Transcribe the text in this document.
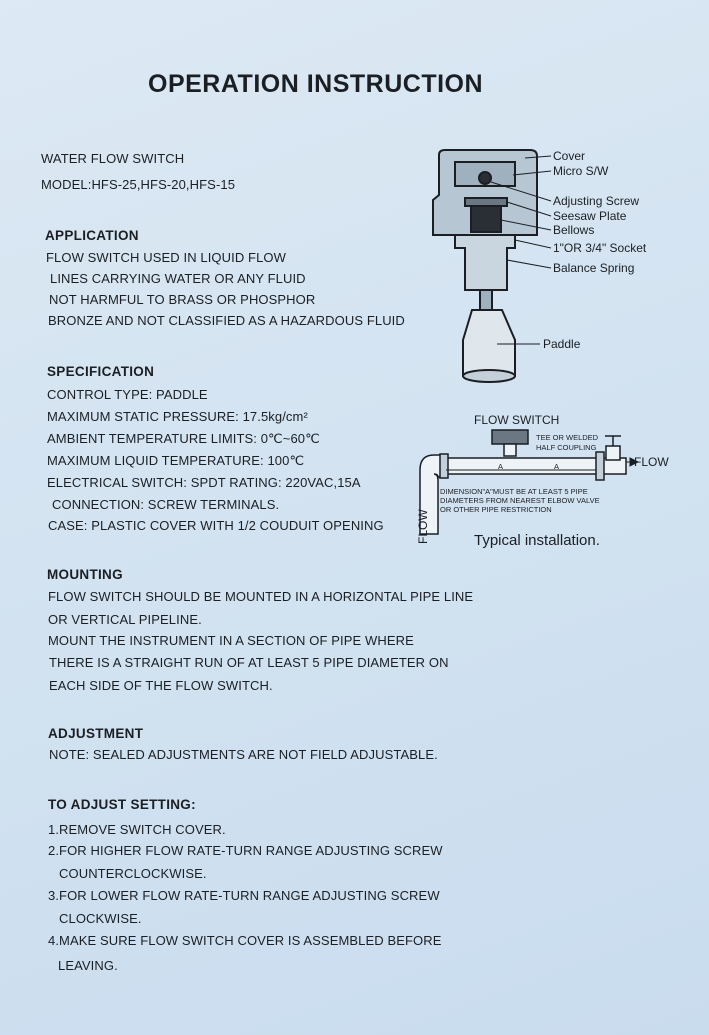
OPERATION INSTRUCTION
WATER FLOW SWITCH
MODEL:HFS-25,HFS-20,HFS-15
APPLICATION
FLOW SWITCH USED IN LIQUID FLOW
LINES CARRYING WATER OR ANY FLUID
NOT HARMFUL TO BRASS OR PHOSPHOR
BRONZE AND NOT CLASSIFIED AS A HAZARDOUS FLUID
SPECIFICATION
CONTROL TYPE: PADDLE
MAXIMUM STATIC PRESSURE: 17.5kg/cm²
AMBIENT TEMPERATURE LIMITS: 0℃~60℃
MAXIMUM LIQUID TEMPERATURE: 100℃
ELECTRICAL SWITCH: SPDT RATING: 220VAC,15A
CONNECTION: SCREW TERMINALS.
CASE: PLASTIC COVER WITH 1/2 COUDUIT OPENING
MOUNTING
FLOW SWITCH SHOULD BE MOUNTED IN A HORIZONTAL PIPE LINE
OR VERTICAL PIPELINE.
MOUNT THE INSTRUMENT IN A SECTION OF PIPE WHERE
THERE IS A STRAIGHT RUN OF AT LEAST 5 PIPE DIAMETER ON
EACH SIDE OF THE FLOW SWITCH.
ADJUSTMENT
NOTE: SEALED ADJUSTMENTS ARE NOT FIELD ADJUSTABLE.
TO ADJUST SETTING:
1.REMOVE SWITCH COVER.
2.FOR HIGHER FLOW RATE-TURN RANGE ADJUSTING SCREW
COUNTERCLOCKWISE.
3.FOR LOWER FLOW RATE-TURN RANGE ADJUSTING SCREW
CLOCKWISE.
4.MAKE SURE FLOW SWITCH COVER IS ASSEMBLED BEFORE
LEAVING.
Cover
Micro S/W
Adjusting Screw
Seesaw Plate
Bellows
1"OR 3/4" Socket
Balance Spring
Paddle
FLOW SWITCH
TEE OR WELDED
HALF COUPLING
FLOW
A	A
DIMENSION"A"MUST BE AT LEAST 5 PIPE
DIAMETERS FROM NEAREST ELBOW VALVE
OR OTHER PIPE RESTRICTION
FLOW	Typical installation.
